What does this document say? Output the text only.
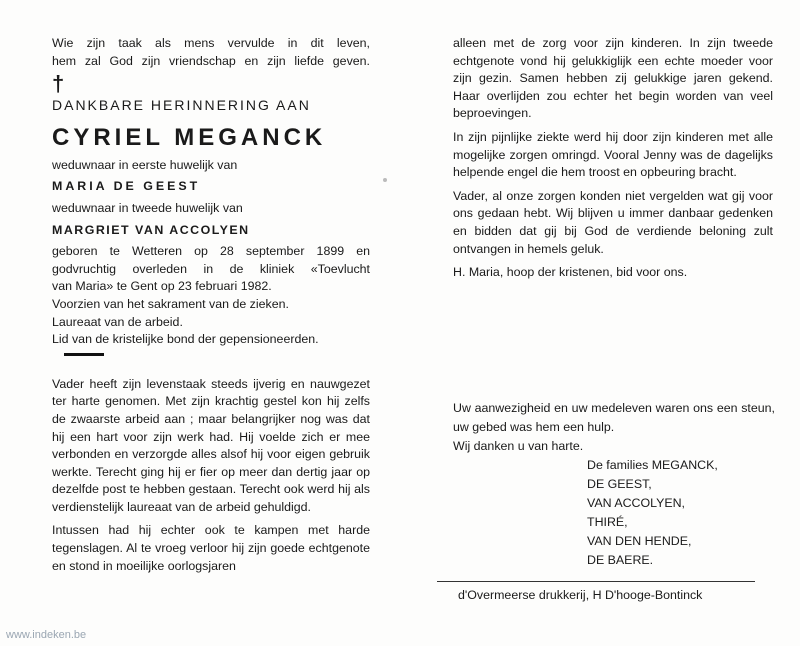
Wie zijn taak als mens vervulde in dit leven,
hem zal God zijn vriendschap en zijn liefde geven.
†
DANKBARE HERINNERING AAN
CYRIEL MEGANCK
weduwnaar in eerste huwelijk van
MARIA DE GEEST
weduwnaar in tweede huwelijk van
MARGRIET VAN ACCOLYEN
geboren te Wetteren op 28 september 1899 en
godvruchtig overleden in de kliniek «Toevlucht
van Maria» te Gent op 23 februari 1982.
Voorzien van het sakrament van de zieken.
Laureaat van de arbeid.
Lid van de kristelijke bond der gepensioneerden.
Vader heeft zijn levenstaak steeds ijverig en nauwgezet ter harte genomen. Met zijn krachtig gestel kon hij zelfs de zwaarste arbeid aan ; maar belangrijker nog was dat hij een hart voor zijn werk had. Hij voelde zich er mee verbonden en verzorgde alles alsof hij voor eigen gebruik werkte. Terecht ging hij er fier op meer dan dertig jaar op dezelfde post te hebben gestaan. Terecht ook werd hij als verdienstelijk laureaat van de arbeid gehuldigd.
Intussen had hij echter ook te kampen met harde tegenslagen. Al te vroeg verloor hij zijn goede echtgenote en stond in moeilijke oorlogsjaren
alleen met de zorg voor zijn kinderen. In zijn tweede echtgenote vond hij gelukkiglijk een echte moeder voor zijn gezin. Samen hebben zij gelukkige jaren gekend. Haar overlijden zou echter het begin worden van veel beproevingen.
In zijn pijnlijke ziekte werd hij door zijn kinderen met alle mogelijke zorgen omringd. Vooral Jenny was de dagelijks helpende engel die hem troost en opbeuring bracht.
Vader, al onze zorgen konden niet vergelden wat gij voor ons gedaan hebt. Wij blijven u immer danbaar gedenken en bidden dat gij bij God de verdiende beloning zult ontvangen in hemels geluk.
H. Maria, hoop der kristenen, bid voor ons.
Uw aanwezigheid en uw medeleven waren ons een steun, uw gebed was hem een hulp.
Wij danken u van harte.
De families MEGANCK,
DE GEEST,
VAN ACCOLYEN,
THIRÉ,
VAN DEN HENDE,
DE BAERE.
d'Overmeerse drukkerij, H D'hooge-Bontinck
www.indeken.be
